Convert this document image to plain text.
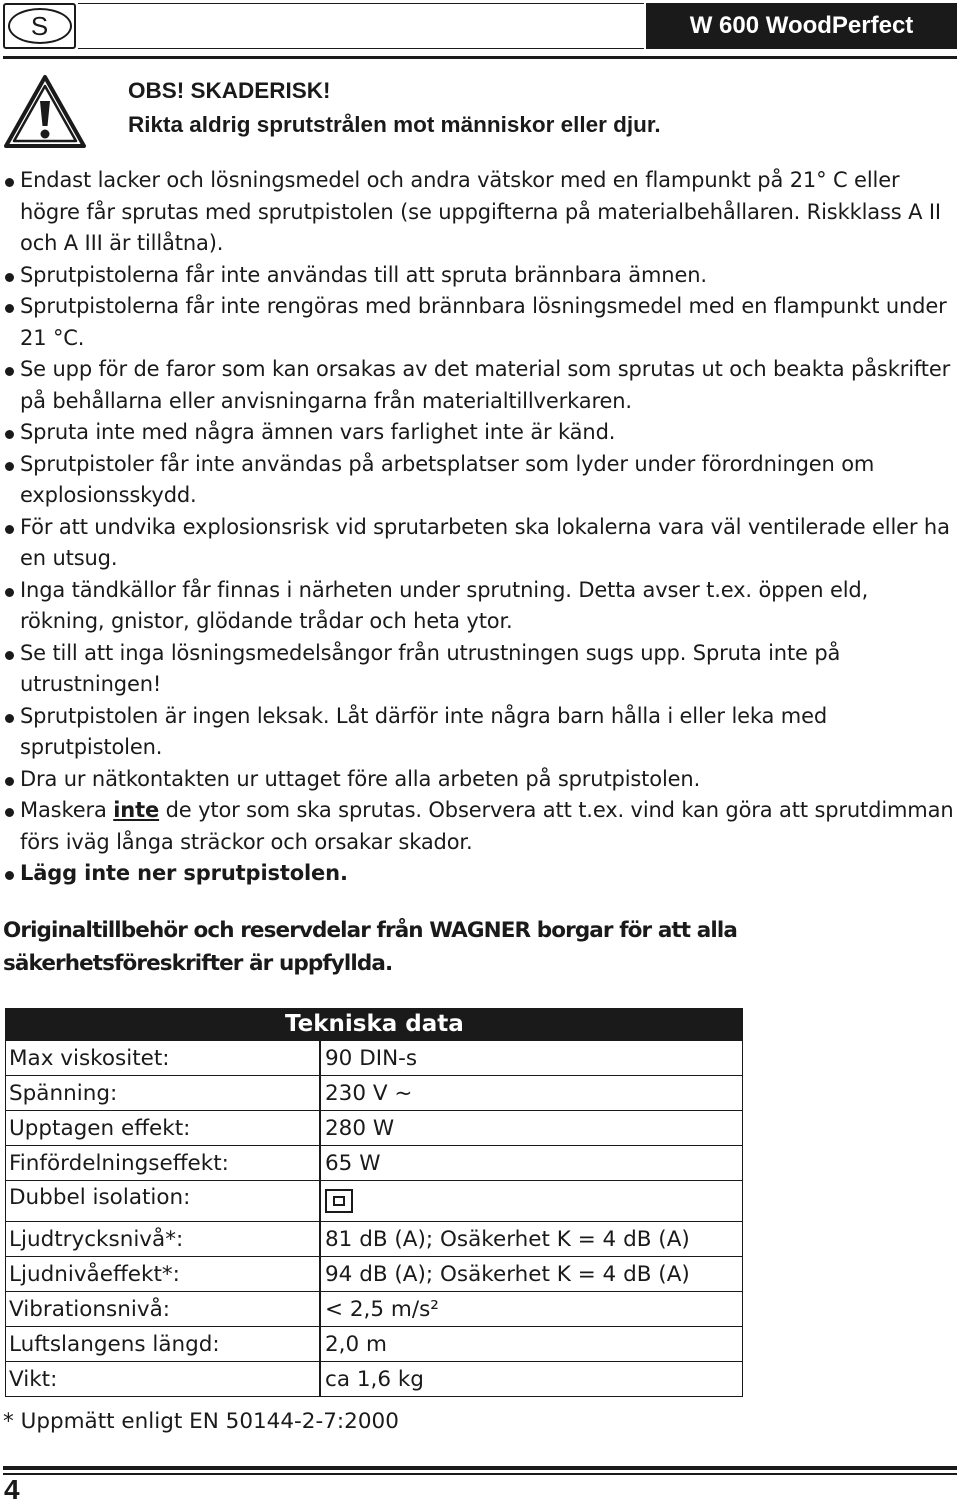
S	W 600 WoodPerfect
OBS! SKADERISK!
Rikta aldrig sprutstrålen mot människor eller djur.

Endast lacker och lösningsmedel och andra vätskor med en flampunkt på 21° C eller högre får sprutas med sprutpistolen (se uppgifterna på materialbehållaren. Riskklass A II och A III är tillåtna).

Sprutpistolerna får inte användas till att spruta brännbara ämnen.

Sprutpistolerna får inte rengöras med brännbara lösningsmedel med en flampunkt under 21 °C.

Se upp för de faror som kan orsakas av det material som sprutas ut och beakta påskrifter på behållarna eller anvisningarna från materialtillverkaren.

Spruta inte med några ämnen vars farlighet inte är känd.

Sprutpistoler får inte användas på arbetsplatser som lyder under förordningen om explosionsskydd.

För att undvika explosionsrisk vid sprutarbeten ska lokalerna vara väl ventilerade eller ha en utsug.

Inga tändkällor får finnas i närheten under sprutning. Detta avser t.ex. öppen eld, rökning, gnistor, glödande trådar och heta ytor.

Se till att inga lösningsmedelsångor från utrustningen sugs upp. Spruta inte på utrustningen!

Sprutpistolen är ingen leksak. Låt därför inte några barn hålla i eller leka med sprutpistolen.

Dra ur nätkontakten ur uttaget före alla arbeten på sprutpistolen.

Maskera inte de ytor som ska sprutas. Observera att t.ex. vind kan göra att sprutdimman förs iväg långa sträckor och orsakar skador.

Lägg inte ner sprutpistolen.

Originaltillbehör och reservdelar från WAGNER borgar för att alla säkerhetsföreskrifter är uppfyllda.
Tekniska data
Max viskositet:	90 DIN-s
Spänning:	230 V ~
Upptagen effekt:	280 W
Finfördelningseffekt:	65 W
Dubbel isolation:
Ljudtrycksnivå*:	81 dB (A); Osäkerhet K = 4 dB (A)
Ljudnivåeffekt*:	94 dB (A); Osäkerhet K = 4 dB (A)
Vibrationsnivå:	< 2,5 m/s²
Luftslangens längd:	2,0 m
Vikt:	ca 1,6 kg
* Uppmätt enligt EN 50144-2-7:2000
4
